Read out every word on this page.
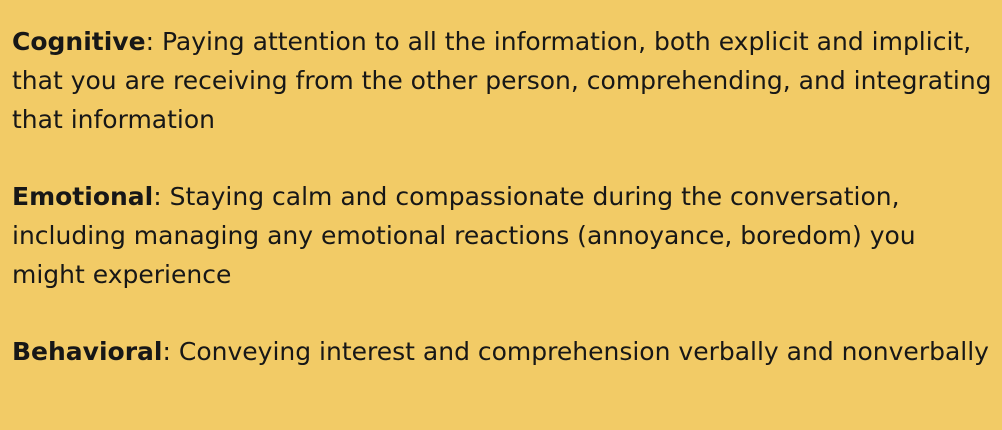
Cognitive: Paying attention to all the information, both explicit and implicit, that you are receiving from the other person, comprehending, and integrating that information

Emotional: Staying calm and compassionate during the conversation, including managing any emotional reactions (annoyance, boredom) you might experience

Behavioral: Conveying interest and comprehension verbally and nonverbally
